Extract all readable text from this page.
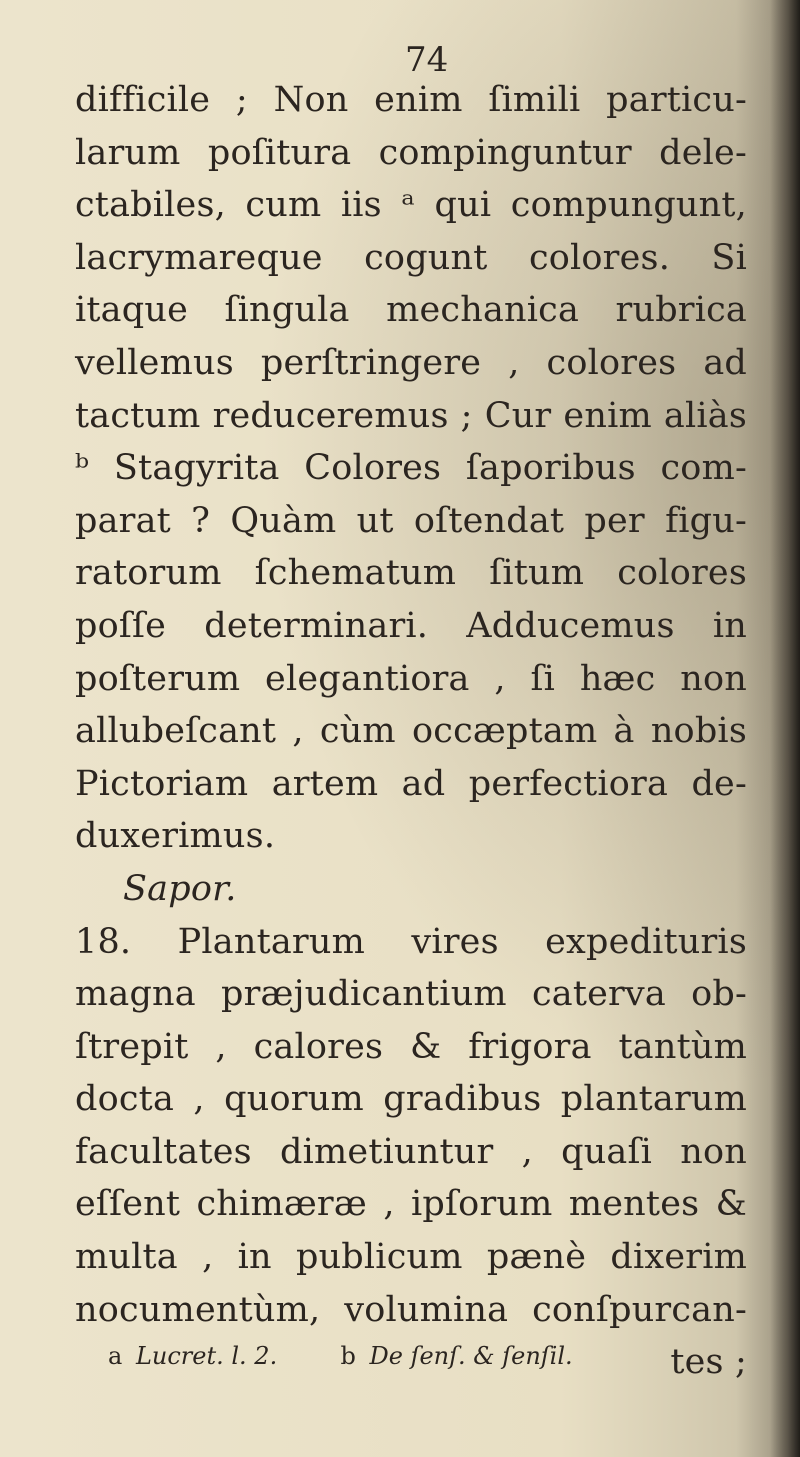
74
difficile ; Non enim ſimili particu-
larum poſitura compinguntur dele-
ctabiles, cum iis ᵃ qui compungunt,
lacrymareque cogunt colores. Si
itaque ſingula mechanica rubrica
vellemus perſtringere , colores ad
tactum reduceremus ; Cur enim aliàs
ᵇ Stagyrita Colores ſaporibus com-
parat ? Quàm ut oſtendat per figu-
ratorum ſchematum ſitum colores
poſſe determinari. Adducemus in
poſterum elegantiora , ſi hæc non
allubeſcant , cùm occæptam à nobis
Pictoriam artem ad perfectiora de-
duxerimus.
Sapor.
18. Plantarum vires expedituris
magna præjudicantium caterva ob-
ſtrepit , calores & frigora tantùm
docta , quorum gradibus plantarum
facultates dimetiuntur , quaſi non
eſſent chimæræ , ipſorum mentes &
multa , in publicum pænè dixerim
nocumentùm, volumina conſpurcan-
tes ;
a Lucret. l. 2.	b De ſenſ. & ſenſil.
